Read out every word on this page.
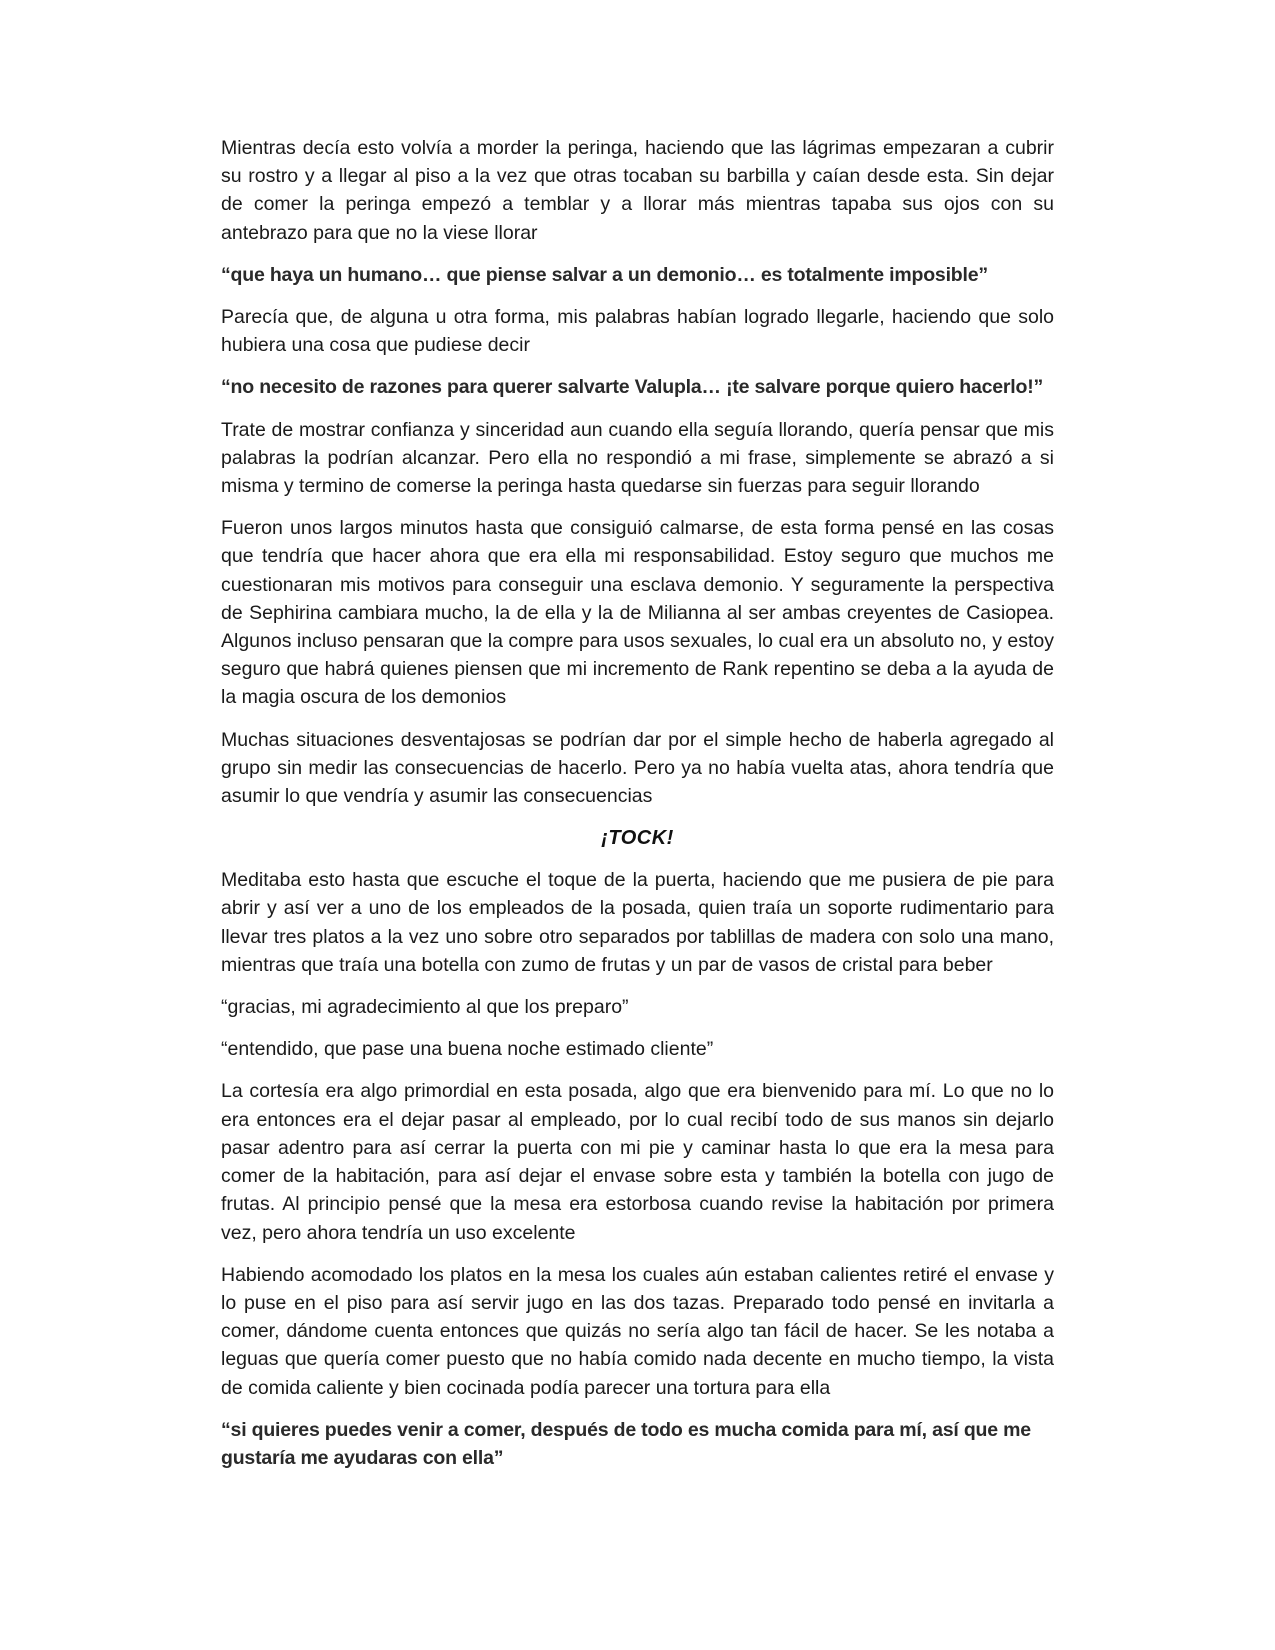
Mientras decía esto volvía a morder la peringa, haciendo que las lágrimas empezaran a cubrir su rostro y a llegar al piso a la vez que otras tocaban su barbilla y caían desde esta. Sin dejar de comer la peringa empezó a temblar y a llorar más mientras tapaba sus ojos con su antebrazo para que no la viese llorar

“que haya un humano… que piense salvar a un demonio… es totalmente imposible”

Parecía que, de alguna u otra forma, mis palabras habían logrado llegarle, haciendo que solo hubiera una cosa que pudiese decir

“no necesito de razones para querer salvarte Valupla… ¡te salvare porque quiero hacerlo!”

Trate de mostrar confianza y sinceridad aun cuando ella seguía llorando, quería pensar que mis palabras la podrían alcanzar. Pero ella no respondió a mi frase, simplemente se abrazó a si misma y termino de comerse la peringa hasta quedarse sin fuerzas para seguir llorando

Fueron unos largos minutos hasta que consiguió calmarse, de esta forma pensé en las cosas que tendría que hacer ahora que era ella mi responsabilidad. Estoy seguro que muchos me cuestionaran mis motivos para conseguir una esclava demonio. Y seguramente la perspectiva de Sephirina cambiara mucho, la de ella y la de Milianna al ser ambas creyentes de Casiopea. Algunos incluso pensaran que la compre para usos sexuales, lo cual era un absoluto no, y estoy seguro que habrá quienes piensen que mi incremento de Rank repentino se deba a la ayuda de la magia oscura de los demonios

Muchas situaciones desventajosas se podrían dar por el simple hecho de haberla agregado al grupo sin medir las consecuencias de hacerlo. Pero ya no había vuelta atas, ahora tendría que asumir lo que vendría y asumir las consecuencias

¡TOCK!

Meditaba esto hasta que escuche el toque de la puerta, haciendo que me pusiera de pie para abrir y así ver a uno de los empleados de la posada, quien traía un soporte rudimentario para llevar tres platos a la vez uno sobre otro separados por tablillas de madera con solo una mano, mientras que traía una botella con zumo de frutas y un par de vasos de cristal para beber

“gracias, mi agradecimiento al que los preparo”

“entendido, que pase una buena noche estimado cliente”

La cortesía era algo primordial en esta posada, algo que era bienvenido para mí. Lo que no lo era entonces era el dejar pasar al empleado, por lo cual recibí todo de sus manos sin dejarlo pasar adentro para así cerrar la puerta con mi pie y caminar hasta lo que era la mesa para comer de la habitación, para así dejar el envase sobre esta y también la botella con jugo de frutas. Al principio pensé que la mesa era estorbosa cuando revise la habitación por primera vez, pero ahora tendría un uso excelente

Habiendo acomodado los platos en la mesa los cuales aún estaban calientes retiré el envase y lo puse en el piso para así servir jugo en las dos tazas. Preparado todo pensé en invitarla a comer, dándome cuenta entonces que quizás no sería algo tan fácil de hacer. Se les notaba a leguas que quería comer puesto que no había comido nada decente en mucho tiempo, la vista de comida caliente y bien cocinada podía parecer una tortura para ella

“si quieres puedes venir a comer, después de todo es mucha comida para mí, así que me gustaría me ayudaras con ella”
